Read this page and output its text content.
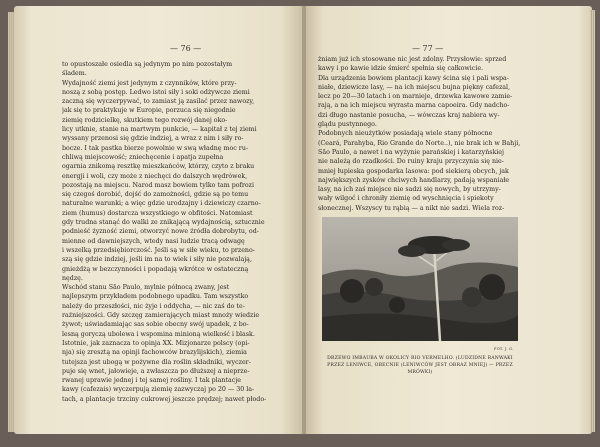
— 76 —	— 77 —
to opustoszałe osiedla są jedynym po nim pozostałym
śladem.
Wydajność ziemi jest jedynym z czynników, które przy-
noszą z sobą postęp. Ledwo istoi siły i soki odżywcze ziemi
zaczną się wyczerpywać, to zamiast ją zasilać przez nawozy,
jak się to praktykuje w Europie, porzuca się niegodnie
ziemię rodzicielkę, skutkiem tego rozwój danej oko-
licy utknie, stanie na martwym punkcie, — kapitał z tej ziemi
wyssany przenosi się gdzie indziej, a wraz z nim i siły ro-
bocze. I tak pastka bierze powolnie w swą władnę moc ru-
chliwą miejscowość; zniechęcenie i apatja zupełna
ogarnia znikomą resztkę mieszkańców, którzy, czyto z braku
energji i woli, czy może z niechęci do dalszych wędrówek,
pozostają na miejscu. Narod masz bowiem tylko tam pofrozi
się czegoś dorobić, dojść do zamożności, gdzie są po temu
naturalne warunki; a więc gdzie urodzajny i dziewiczy czarno-
ziem (humus) dostarcza wszystkiego w obfitości. Natomiast
gdy trudna stanąć do walki ze znikającą wydajnością, sztucznie
podnieść żyzność ziemi, otworzyć nowe źródła dobrobytu, od-
mienne od dawniejszych, wtedy nasi ludzie tracą odwagę
i wszelką przedsiębiorczość. Jeśli są w siłe wieku, to przeno-
szą się gdzie indziej, jeśli im na to wiek i siły nie pozwalają,
gnieżdżą w bezczynności i popadają wkrótce w ostateczną
nędzę.
Wschód stanu São Paulo, mylnie północą zwany, jest
najlepszym przykładem podobnego upadku. Tam wszystko
należy do przeszłości, nic żyje i oddycha, — nic zaś do te-
raźniejszości. Gdy szczęg zamierających miast mnoży wiedzie
żywot; uświadamiając sas sobie obecny swój upadek, z bo-
lesną goryczą ubolewa i wspomina minioną wielkość i blask.
Istotnie, jak zaznacza to opinja XX. Mizjonarze polscy (opi-
nja) się zresztą na opinji fachowców brazylijskich), ziemia
tutejsza jest ubogą w pożywne dla roślin składniki, wyczer-
puje się wnet, jałowieje, a zwłaszcza po dłuższej a nieprze-
rwanej uprawie jednej i tej samej rośliny. I tak plantacje
kawy (cafezais) wyczerpują ziemię zazwyczaj po 20 — 30 la-
tach, a plantacje trzciny cukrowej jeszcze prędzej; nawet płodo-
żniam już ich stosowane nic jest zdolny. Przysłowie: sprzed
kawy i po kawie idzie śmierć spełnia się całkowicie.
Dla urządzenia bowiem plantacji kawy ścina się i pali wspa-
niałe, dziewicze lasy, — na ich miejscu bujna piękny cafezal,
lecz po 20—30 latach i on marnieje, drzewka kawowe zamie-
rają, a na ich miejscu wyrasta marna capoeira. Gdy nadcho-
dzi długo nastanie posucha, — wówczas kraj nabiera wy-
glądu pustynnego.
Podobnych nieużytków posiadają wiele stany północne
(Ceará, Parahyba, Rio Grande do Norte..), nie brak ich w Bahji,
São Paulo, a nawet i na wyżynie parańskiej i katarzyńskiej
nie należą do rzadkości. Do ruiny kraju przyczynia się nie-
mniej łupieska gospodarka lasowa: pod siekierą obcych, jak
największych zysków chciwych handlarzy, padają wspaniałe
lasy, na ich zaś miejsce nie sadzi się nowych, by utrzymy-
wały wilgoć i chroniły ziemię od wyschnięcia i spiekoty
słonecznej. Wszyscy tu rąbią — a nikt nie sadzi. Wiela roz-
FOT. J. G.
DRZEWO IMBAUBA W OKOLICY RIO VERMELHO. (LUDZIDNE RANWAKI PRZEZ LENIWCE, OBECNIE (LENIWCÓW JEST OBRAZ MNIEJ) — PRZEZ MRÓWKI)
